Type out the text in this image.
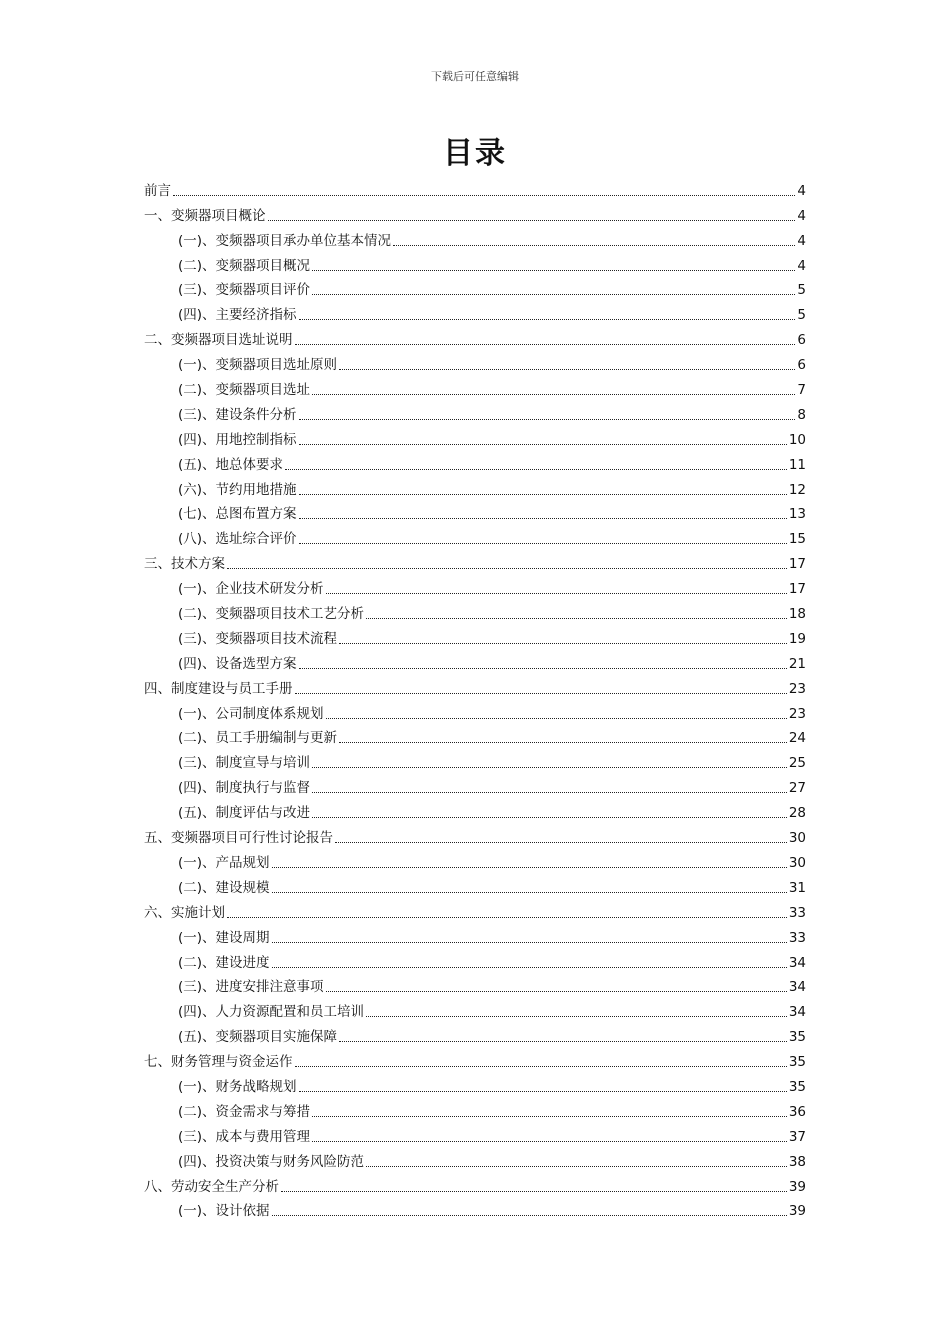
下载后可任意编辑
目录
前言	4
一、变频器项目概论	4
(一)、变频器项目承办单位基本情况	4
(二)、变频器项目概况	4
(三)、变频器项目评价	5
(四)、主要经济指标	5
二、变频器项目选址说明	6
(一)、变频器项目选址原则	6
(二)、变频器项目选址	7
(三)、建设条件分析	8
(四)、用地控制指标	10
(五)、地总体要求	11
(六)、节约用地措施	12
(七)、总图布置方案	13
(八)、选址综合评价	15
三、技术方案	17
(一)、企业技术研发分析	17
(二)、变频器项目技术工艺分析	18
(三)、变频器项目技术流程	19
(四)、设备选型方案	21
四、制度建设与员工手册	23
(一)、公司制度体系规划	23
(二)、员工手册编制与更新	24
(三)、制度宣导与培训	25
(四)、制度执行与监督	27
(五)、制度评估与改进	28
五、变频器项目可行性讨论报告	30
(一)、产品规划	30
(二)、建设规模	31
六、实施计划	33
(一)、建设周期	33
(二)、建设进度	34
(三)、进度安排注意事项	34
(四)、人力资源配置和员工培训	34
(五)、变频器项目实施保障	35
七、财务管理与资金运作	35
(一)、财务战略规划	35
(二)、资金需求与筹措	36
(三)、成本与费用管理	37
(四)、投资决策与财务风险防范	38
八、劳动安全生产分析	39
(一)、设计依据	39
